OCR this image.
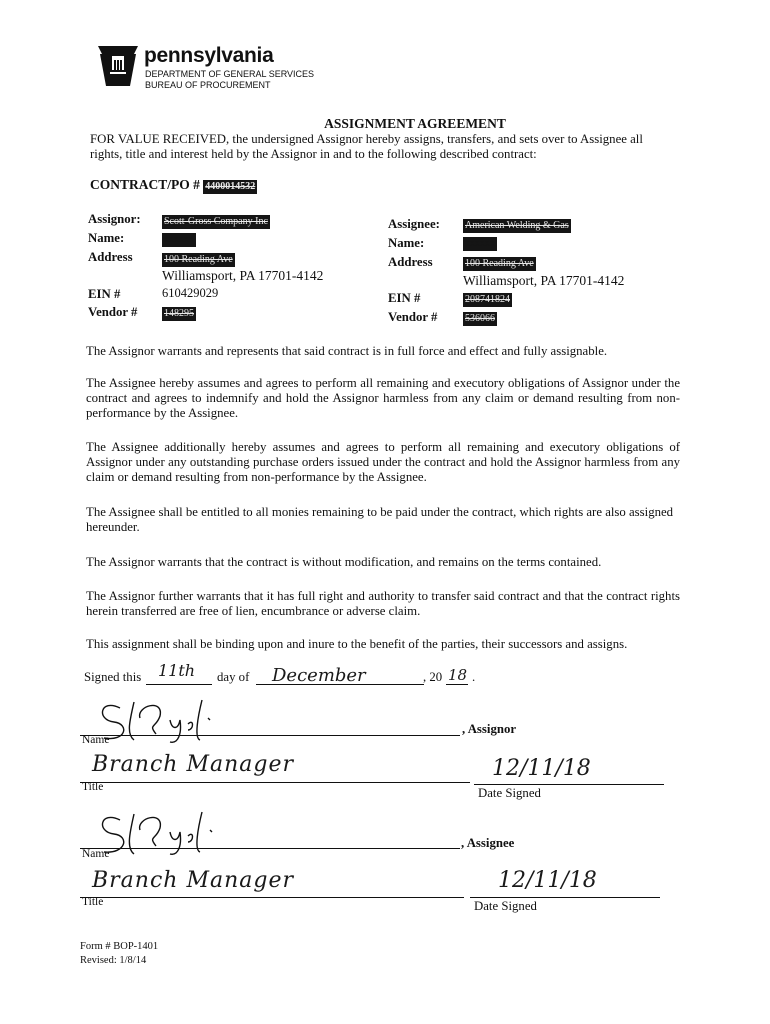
pennsylvania
DEPARTMENT OF GENERAL SERVICES
BUREAU OF PROCUREMENT
ASSIGNMENT AGREEMENT
FOR VALUE RECEIVED, the undersigned Assignor hereby assigns, transfers, and sets over to Assignee all rights, title and interest held by the Assignor in and to the following described contract:
CONTRACT/PO # 4400014532
Assignor: Scott-Gross Company Inc
Name:	xxxxxx
Address	100 Reading Ave
Williamsport, PA 17701-4142
EIN #	610429029
Vendor #	148295
Assignee:	American Welding & Gas
Name:	xxxxxx
Address	100 Reading Ave
Williamsport, PA 17701-4142
EIN #	208741824
Vendor #	536066
The Assignor warrants and represents that said contract is in full force and effect and fully assignable.
The Assignee hereby assumes and agrees to perform all remaining and executory obligations of Assignor under the contract and agrees to indemnify and hold the Assignor harmless from any claim or demand resulting from non-performance by the Assignee.
The Assignee additionally hereby assumes and agrees to perform all remaining and executory obligations of Assignor under any outstanding purchase orders issued under the contract and hold the Assignor harmless from any claim or demand resulting from non-performance by the Assignee.
The Assignee shall be entitled to all monies remaining to be paid under the contract, which rights are also assigned hereunder.
The Assignor warrants that the contract is without modification, and remains on the terms contained.
The Assignor further warrants that it has full right and authority to transfer said contract and that the contract rights herein transferred are free of lien, encumbrance or adverse claim.
This assignment shall be binding upon and inure to the benefit of the parties, their successors and assigns.
Signed this 11th day of December	, 20 18 .
Name
, Assignor
Branch Manager
Title
12/11/18
Date Signed
Name
, Assignee
Branch Manager
Title
12/11/18
Date Signed
Form # BOP-1401
Revised: 1/8/14
